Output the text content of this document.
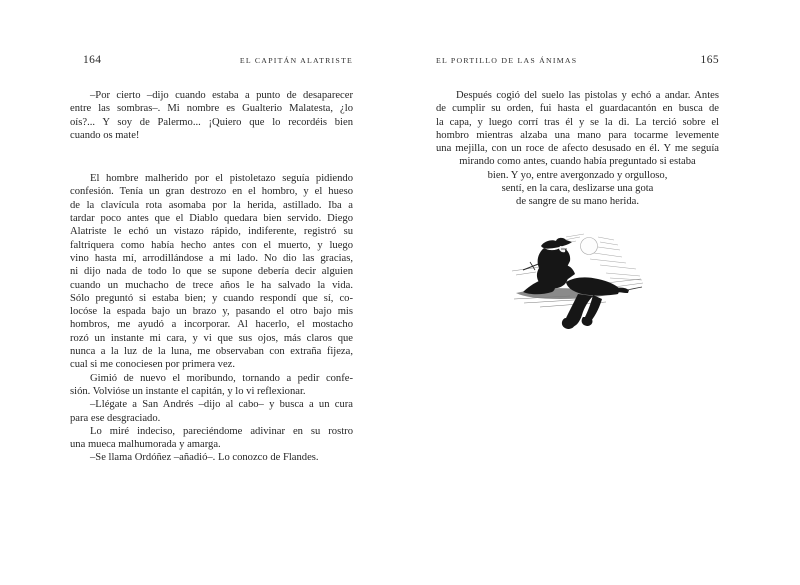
164	EL CAPITÁN ALATRISTE
–Por cierto –dijo cuando estaba a punto de desaparecer
entre las sombras–. Mi nombre es Gualterio Malatesta, ¿lo
oís?... Y soy de Palermo... ¡Quiero que lo recordéis bien
cuando os mate!
El hombre malherido por el pistoletazo seguía pidiendo
confesión. Tenía un gran destrozo en el hombro, y el hueso
de la clavícula rota asomaba por la herida, astillado. Iba a
tardar poco antes que el Diablo quedara bien servido. Diego
Alatriste le echó un vistazo rápido, indiferente, registró su
faltriquera como había hecho antes con el muerto, y luego
vino hasta mí, arrodillándose a mi lado. No dio las gracias,
ni dijo nada de todo lo que se supone debería decir alguien
cuando un muchacho de trece años le ha salvado la vida.
Sólo preguntó si estaba bien; y cuando respondí que sí, co-
locóse la espada bajo un brazo y, pasando el otro bajo mis
hombros, me ayudó a incorporar. Al hacerlo, el mostacho
rozó un instante mi cara, y vi que sus ojos, más claros que
nunca a la luz de la luna, me observaban con extraña fijeza,
cual si me conociesen por primera vez.
Gimió de nuevo el moribundo, tornando a pedir confe-
sión. Volvióse un instante el capitán, y lo vi reflexionar.
–Llégate a San Andrés –dijo al cabo– y busca a un cura
para ese desgraciado.
Lo miré indeciso, pareciéndome adivinar en su rostro
una mueca malhumorada y amarga.
–Se llama Ordóñez –añadió–. Lo conozco de Flandes.
EL PORTILLO DE LAS ÁNIMAS	165
Después cogió del suelo las pistolas y echó a andar. Antes
de cumplir su orden, fui hasta el guardacantón en busca de
la capa, y luego corrí tras él y se la di. La terció sobre el
hombro mientras alzaba una mano para tocarme levemente
una mejilla, con un roce de afecto desusado en él. Y me seguía
mirando como antes, cuando había preguntado si estaba
bien. Y yo, entre avergonzado y orgulloso,
sentí, en la cara, deslizarse una gota
de sangre de su mano herida.
